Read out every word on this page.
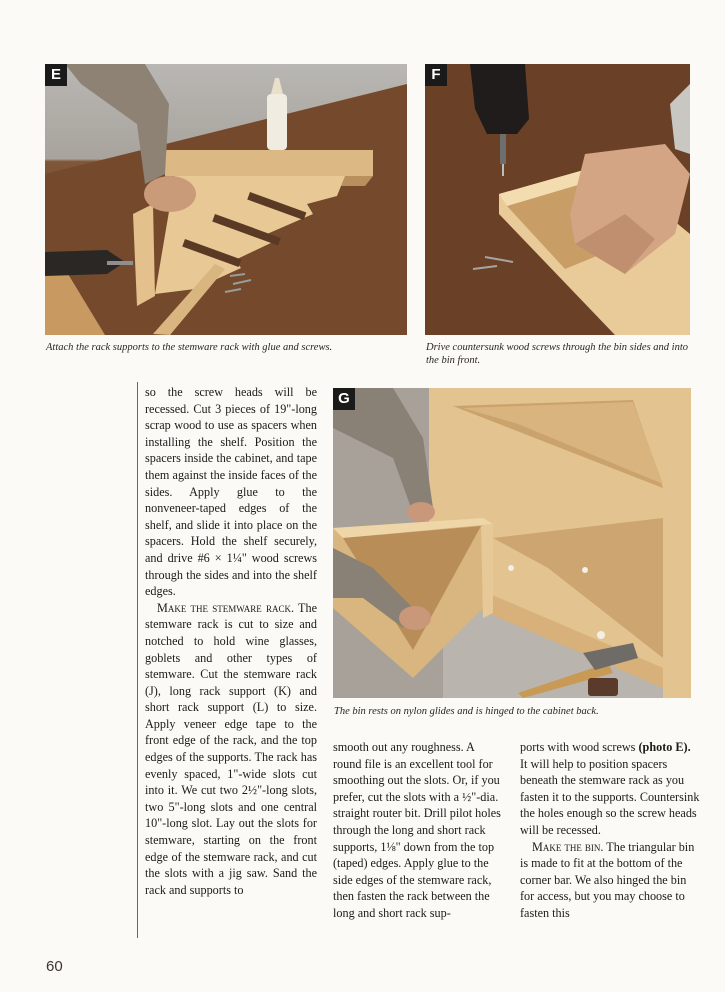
E
Attach the rack supports to the stemware rack with glue and screws.
F
Drive countersunk wood screws through the bin sides and into the bin front.
G
The bin rests on nylon glides and is hinged to the cabinet back.

so the screw heads will be recessed. Cut 3 pieces of 19"-long scrap wood to use as spacers when installing the shelf. Position the spacers inside the cabinet, and tape them against the inside faces of the sides. Apply glue to the nonveneer-taped edges of the shelf, and slide it into place on the spacers. Hold the shelf securely, and drive #6 × 1¼" wood screws through the sides and into the shelf edges.

Make the stemware rack. The stemware rack is cut to size and notched to hold wine glasses, goblets and other types of stemware. Cut the stemware rack (J), long rack support (K) and short rack support (L) to size. Apply veneer edge tape to the front edge of the rack, and the top edges of the supports. The rack has evenly spaced, 1"-wide slots cut into it. We cut two 2½"-long slots, two 5"-long slots and one central 10"-long slot. Lay out the slots for stemware, starting on the front edge of the stemware rack, and cut the slots with a jig saw. Sand the rack and supports to

smooth out any roughness. A round file is an excellent tool for smoothing out the slots. Or, if you prefer, cut the slots with a ½"-dia. straight router bit. Drill pilot holes through the long and short rack supports, 1⅛" down from the top (taped) edges. Apply glue to the side edges of the stemware rack, then fasten the rack between the long and short rack sup-

ports with wood screws (photo E). It will help to position spacers beneath the stemware rack as you fasten it to the supports. Countersink the holes enough so the screw heads will be recessed.

Make the bin. The triangular bin is made to fit at the bottom of the corner bar. We also hinged the bin for access, but you may choose to fasten this

60
